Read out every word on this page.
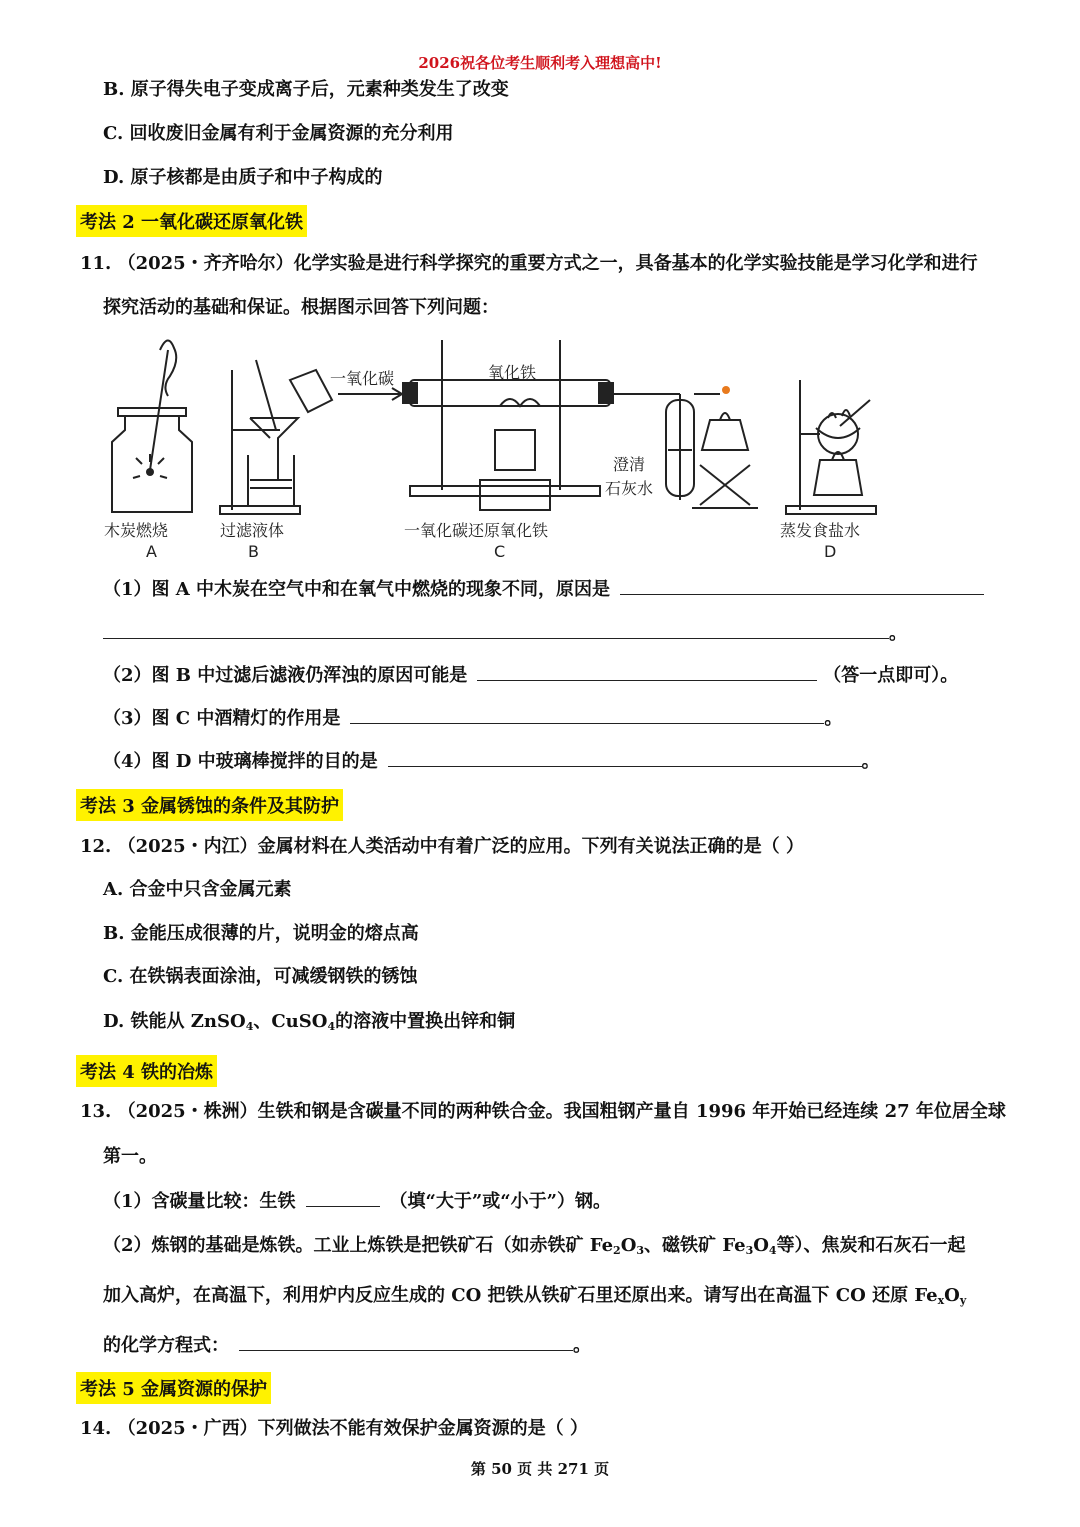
2026祝各位考生顺利考入理想高中!
B. 原子得失电子变成离子后，元素种类发生了改变
C. 回收废旧金属有利于金属资源的充分利用
D. 原子核都是由质子和中子构成的
考法 2 一氧化碳还原氧化铁
11. （2025・齐齐哈尔）化学实验是进行科学探究的重要方式之一，具备基本的化学实验技能是学习化学和进行
探究活动的基础和保证。根据图示回答下列问题：
一氧化碳	氧化铁
澄清
石灰水
木炭燃烧
A
过滤液体
B
一氧化碳还原氧化铁
C
蒸发食盐水
D
（1）图 A 中木炭在空气中和在氧气中燃烧的现象不同，原因是
。
（2）图 B 中过滤后滤液仍浑浊的原因可能是	（答一点即可）。
（3）图 C 中酒精灯的作用是	。
（4）图 D 中玻璃棒搅拌的目的是	。
考法 3 金属锈蚀的条件及其防护
12. （2025・内江）金属材料在人类活动中有着广泛的应用。下列有关说法正确的是（ ）
A. 合金中只含金属元素
B. 金能压成很薄的片，说明金的熔点高
C. 在铁锅表面涂油，可减缓钢铁的锈蚀
D. 铁能从 ZnSO$_4$、CuSO$_4$的溶液中置换出锌和铜
考法 4 铁的冶炼
13. （2025・株洲）生铁和钢是含碳量不同的两种铁合金。我国粗钢产量自 1996 年开始已经连续 27 年位居全球
第一。
（1）含碳量比较：生铁	（填“大于”或“小于”）钢。
（2）炼钢的基础是炼铁。工业上炼铁是把铁矿石（如赤铁矿 $Fe_2O_3$、磁铁矿 $Fe_3O_4$等）、焦炭和石灰石一起
加入高炉，在高温下，利用炉内反应生成的 CO 把铁从铁矿石里还原出来。请写出在高温下 CO 还原 $Fe_xO_y$
的化学方程式：	。
考法 5 金属资源的保护
14. （2025・广西）下列做法不能有效保护金属资源的是（ ）
第 50 页 共 271 页
